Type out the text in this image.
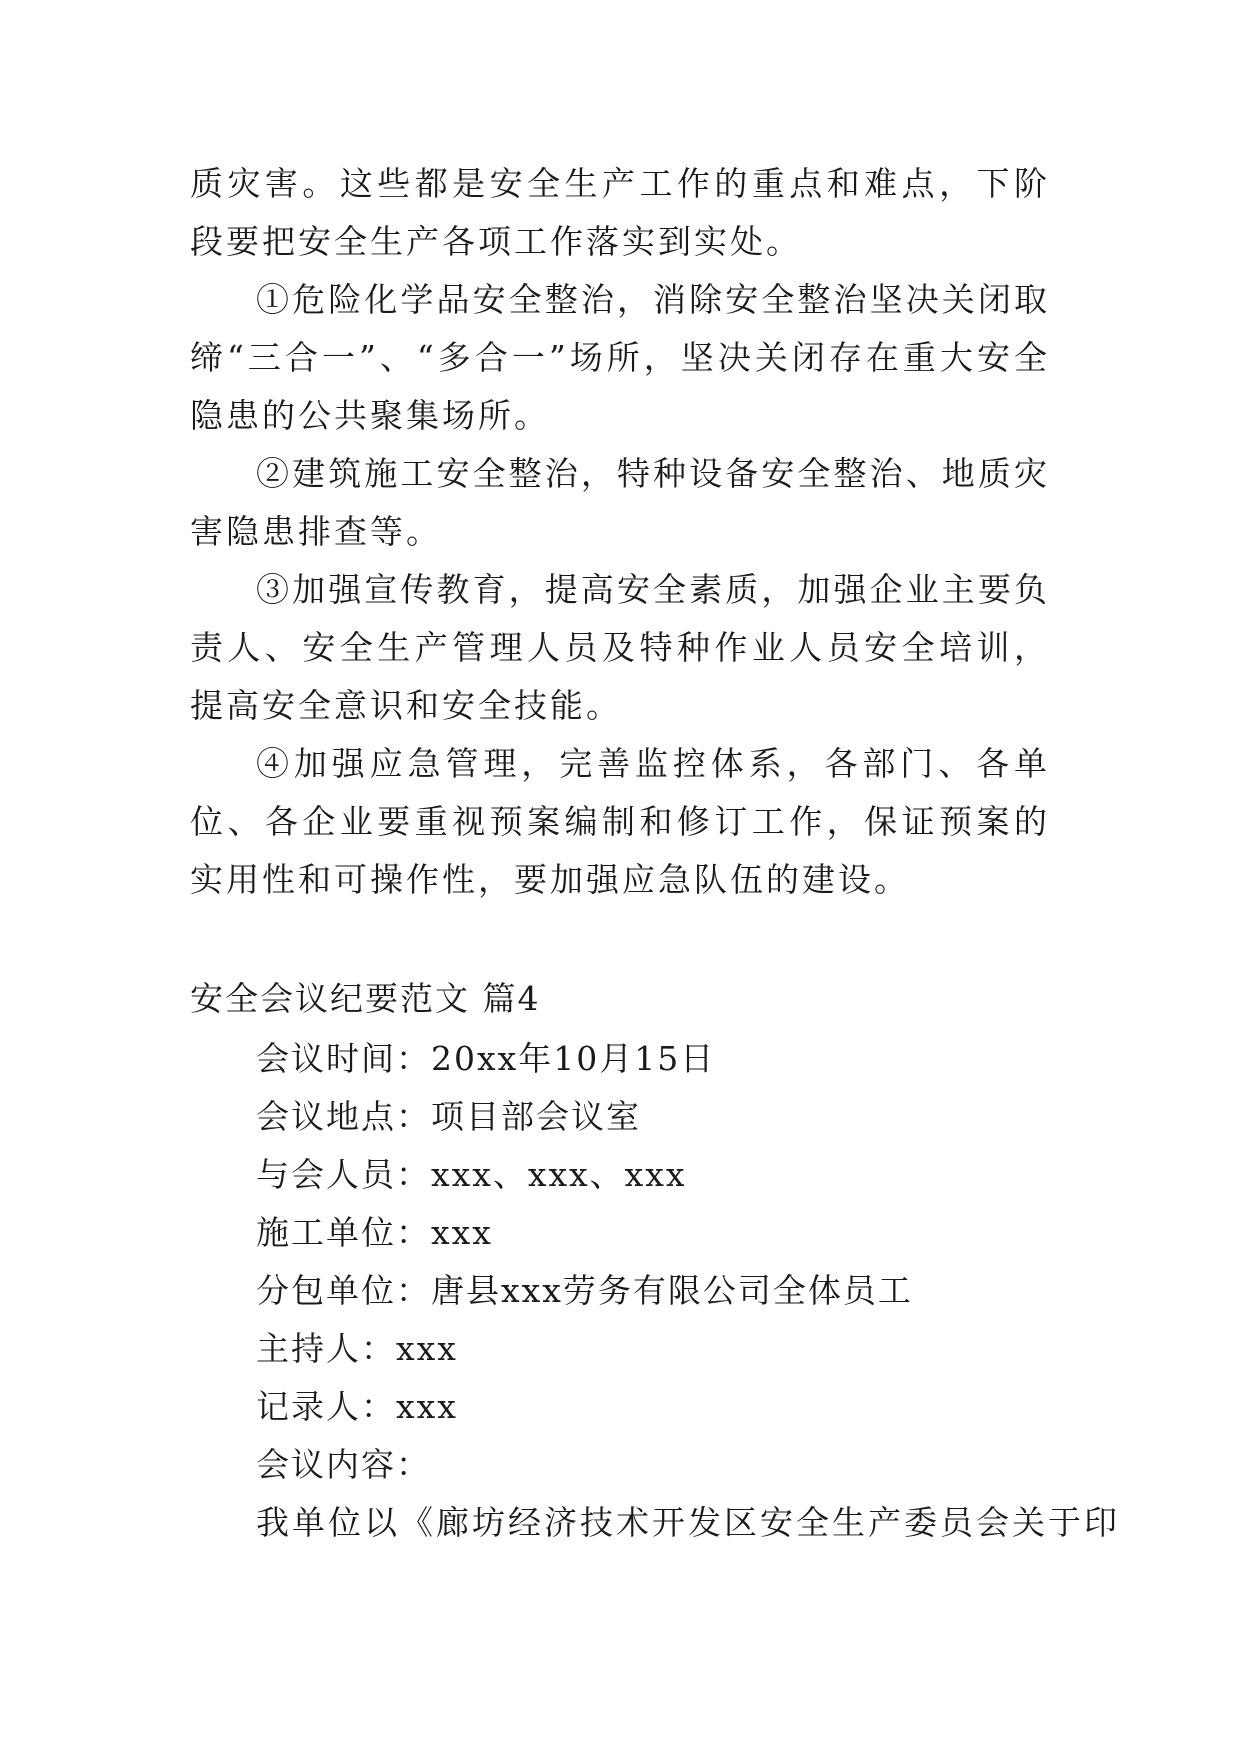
质灾害。这些都是安全生产工作的重点和难点，下阶段要把安全生产各项工作落实到实处。

①危险化学品安全整治，消除安全整治坚决关闭取缔“三合一”、“多合一”场所，坚决关闭存在重大安全隐患的公共聚集场所。

②建筑施工安全整治，特种设备安全整治、地质灾害隐患排查等。

③加强宣传教育，提高安全素质，加强企业主要负责人、安全生产管理人员及特种作业人员安全培训，提高安全意识和安全技能。

④加强应急管理，完善监控体系，各部门、各单位、各企业要重视预案编制和修订工作，保证预案的实用性和可操作性，要加强应急队伍的建设。

安全会议纪要范文 篇4

会议时间：20xx年10月15日

会议地点：项目部会议室

与会人员：xxx、xxx、xxx

施工单位：xxx

分包单位：唐县xxx劳务有限公司全体员工

主持人：xxx

记录人：xxx

会议内容：

我单位以《廊坊经济技术开发区安全生产委员会关于印
